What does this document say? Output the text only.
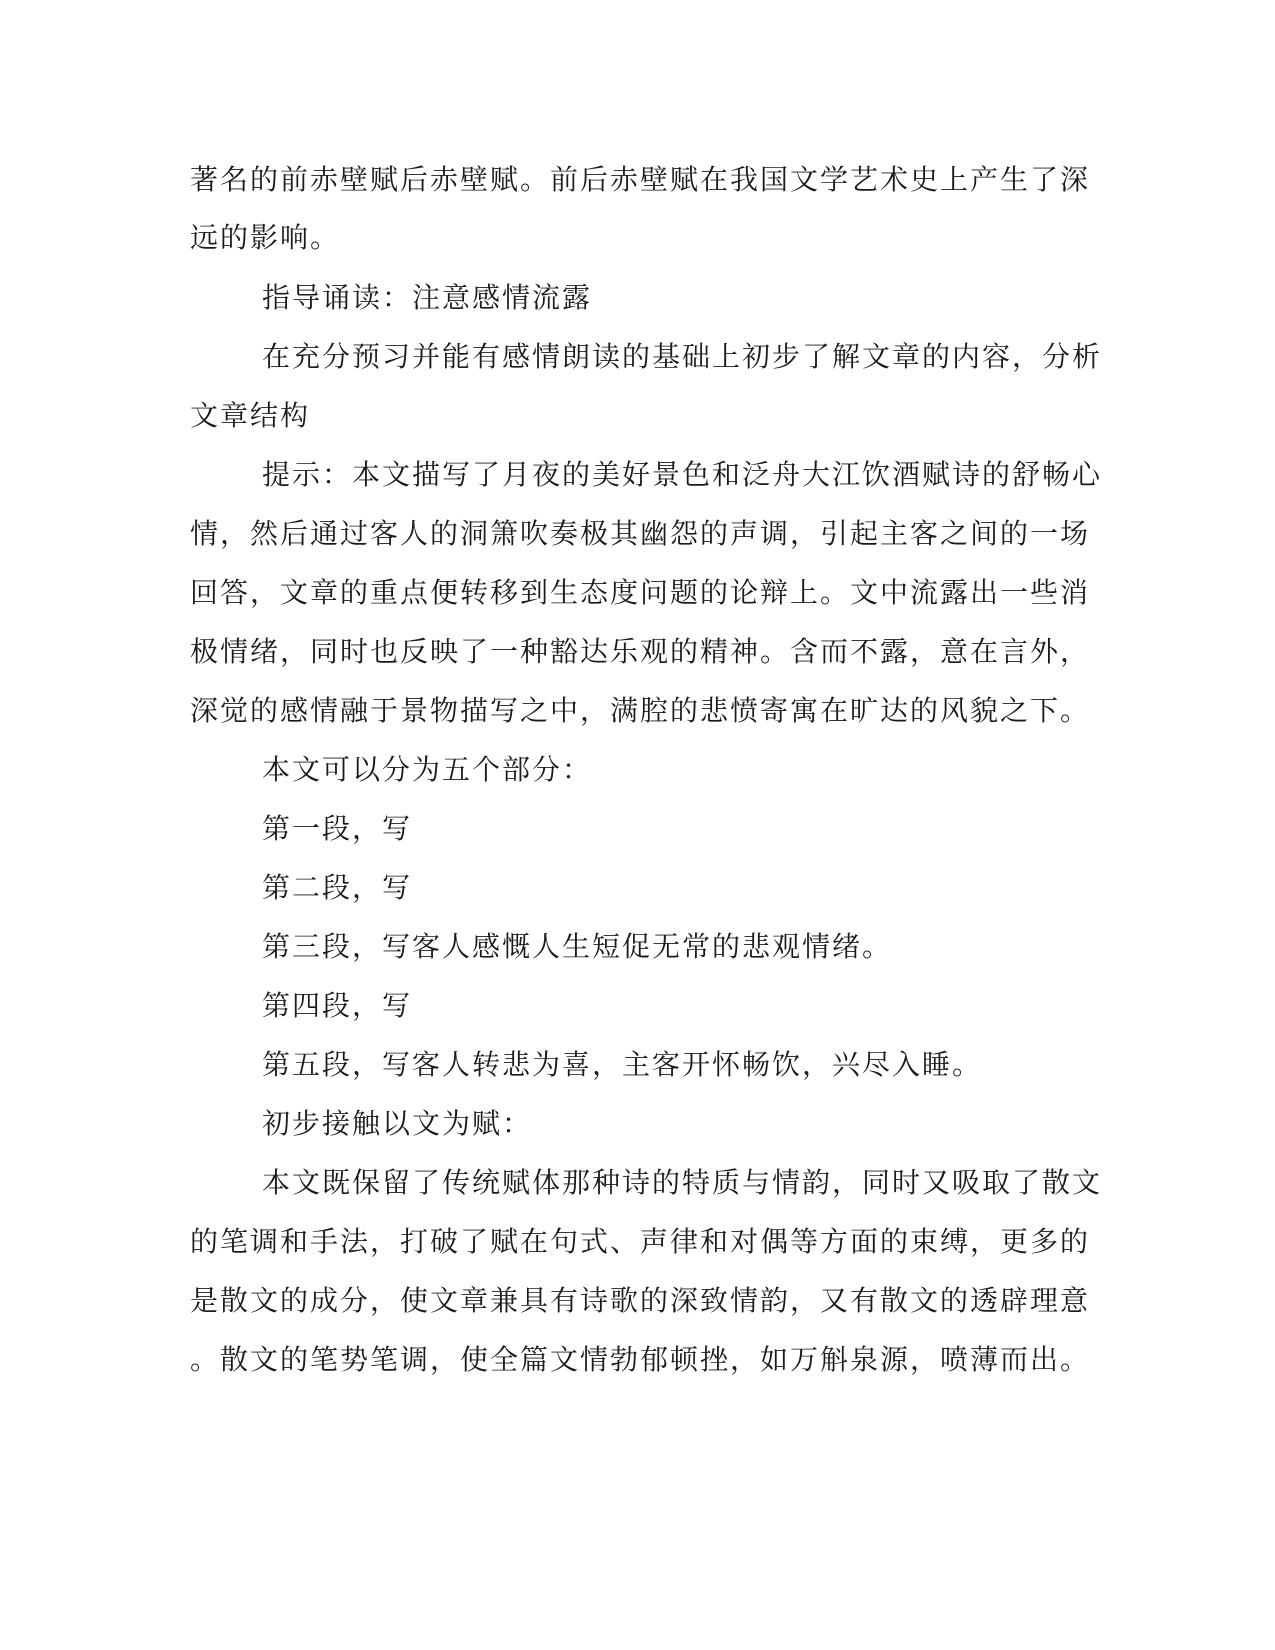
著名的前赤壁赋后赤壁赋。前后赤壁赋在我国文学艺术史上产生了深
远的影响。
指导诵读：注意感情流露
在充分预习并能有感情朗读的基础上初步了解文章的内容，分析
文章结构
提示：本文描写了月夜的美好景色和泛舟大江饮酒赋诗的舒畅心
情，然后通过客人的洞箫吹奏极其幽怨的声调，引起主客之间的一场
回答，文章的重点便转移到生态度问题的论辩上。文中流露出一些消
极情绪，同时也反映了一种豁达乐观的精神。含而不露，意在言外，
深觉的感情融于景物描写之中，满腔的悲愤寄寓在旷达的风貌之下。
本文可以分为五个部分：
第一段，写
第二段，写
第三段，写客人感慨人生短促无常的悲观情绪。
第四段，写
第五段，写客人转悲为喜，主客开怀畅饮，兴尽入睡。
初步接触以文为赋：
本文既保留了传统赋体那种诗的特质与情韵，同时又吸取了散文
的笔调和手法，打破了赋在句式、声律和对偶等方面的束缚，更多的
是散文的成分，使文章兼具有诗歌的深致情韵，又有散文的透辟理意
。散文的笔势笔调，使全篇文情勃郁顿挫，如万斛泉源，喷薄而出。
